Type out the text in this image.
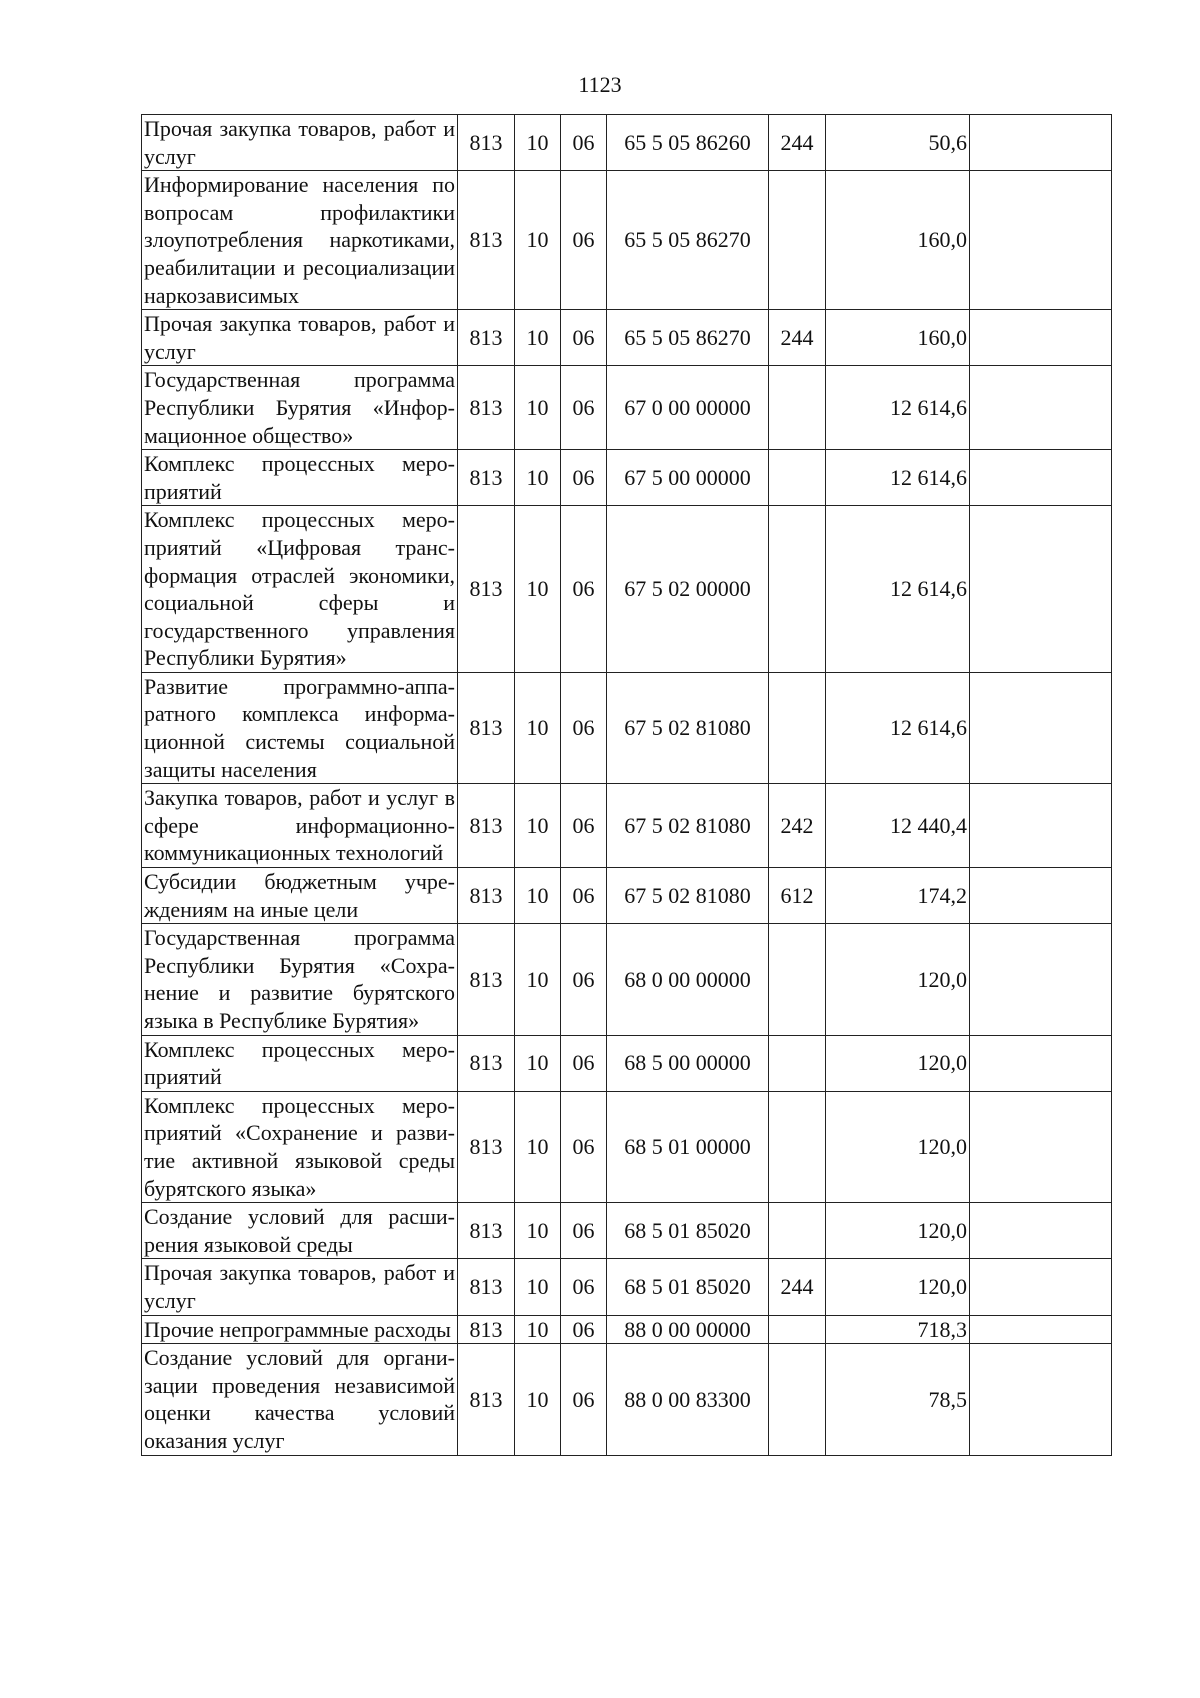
1123
Прочая закупка товаров, работ и услуг	813	10	06	65 5 05 86260	244	50,6	
Информирование населения по вопросам профилактики злоупотребления наркотиками, реабилитации и ресоциализации наркозависимых	813	10	06	65 5 05 86270		160,0	
Прочая закупка товаров, работ и услуг	813	10	06	65 5 05 86270	244	160,0	
Государственная программа Республики Бурятия «Информационное общество»	813	10	06	67 0 00 00000		12 614,6	
Комплекс процессных мероприятий	813	10	06	67 5 00 00000		12 614,6	
Комплекс процессных мероприятий «Цифровая трансформация отраслей экономики, социальной сферы и государственного управления Республики Бурятия»	813	10	06	67 5 02 00000		12 614,6	
Развитие программно-аппаратного комплекса информационной системы социальной защиты населения	813	10	06	67 5 02 81080		12 614,6	
Закупка товаров, работ и услуг в сфере информационно-коммуникационных технологий	813	10	06	67 5 02 81080	242	12 440,4	
Субсидии бюджетным учреждениям на иные цели	813	10	06	67 5 02 81080	612	174,2	
Государственная программа Республики Бурятия «Сохранение и развитие бурятского языка в Республике Бурятия»	813	10	06	68 0 00 00000		120,0	
Комплекс процессных мероприятий	813	10	06	68 5 00 00000		120,0	
Комплекс процессных мероприятий «Сохранение и развитие активной языковой среды бурятского языка»	813	10	06	68 5 01 00000		120,0	
Создание условий для расширения языковой среды	813	10	06	68 5 01 85020		120,0	
Прочая закупка товаров, работ и услуг	813	10	06	68 5 01 85020	244	120,0	
Прочие непрограммные расходы	813	10	06	88 0 00 00000		718,3	
Создание условий для организации проведения независимой оценки качества условий оказания услуг	813	10	06	88 0 00 83300		78,5	
